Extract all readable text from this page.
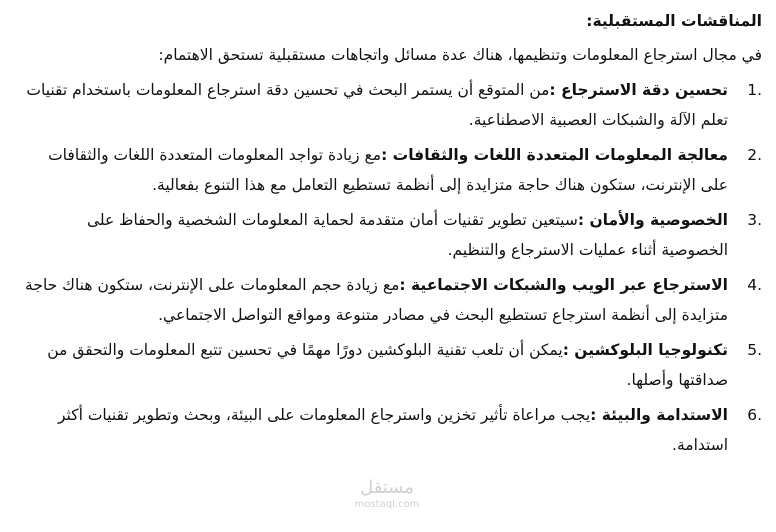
المناقشات المستقبلية:

في مجال استرجاع المعلومات وتنظيمها، هناك عدة مسائل واتجاهات مستقبلية تستحق الاهتمام:

1.
تحسين دقة الاسترجاع :من المتوقع أن يستمر البحث في تحسين دقة استرجاع المعلومات باستخدام تقنيات تعلم الآلة والشبكات العصبية الاصطناعية.
2.
معالجة المعلومات المتعددة اللغات والثقافات :مع زيادة تواجد المعلومات المتعددة اللغات والثقافات على الإنترنت، ستكون هناك حاجة متزايدة إلى أنظمة تستطيع التعامل مع هذا التنوع بفعالية.
3.
الخصوصية والأمان :سيتعين تطوير تقنيات أمان متقدمة لحماية المعلومات الشخصية والحفاظ على الخصوصية أثناء عمليات الاسترجاع والتنظيم.
4.
الاسترجاع عبر الويب والشبكات الاجتماعية :مع زيادة حجم المعلومات على الإنترنت، ستكون هناك حاجة متزايدة إلى أنظمة استرجاع تستطيع البحث في مصادر متنوعة ومواقع التواصل الاجتماعي.
5.
تكنولوجيا البلوكشين :يمكن أن تلعب تقنية البلوكشين دورًا مهمًا في تحسين تتبع المعلومات والتحقق من صداقتها وأصلها.
6.
الاستدامة والبيئة :يجب مراعاة تأثير تخزين واسترجاع المعلومات على البيئة، وبحث وتطوير تقنيات أكثر استدامة.
مستقل
mostaql.com
